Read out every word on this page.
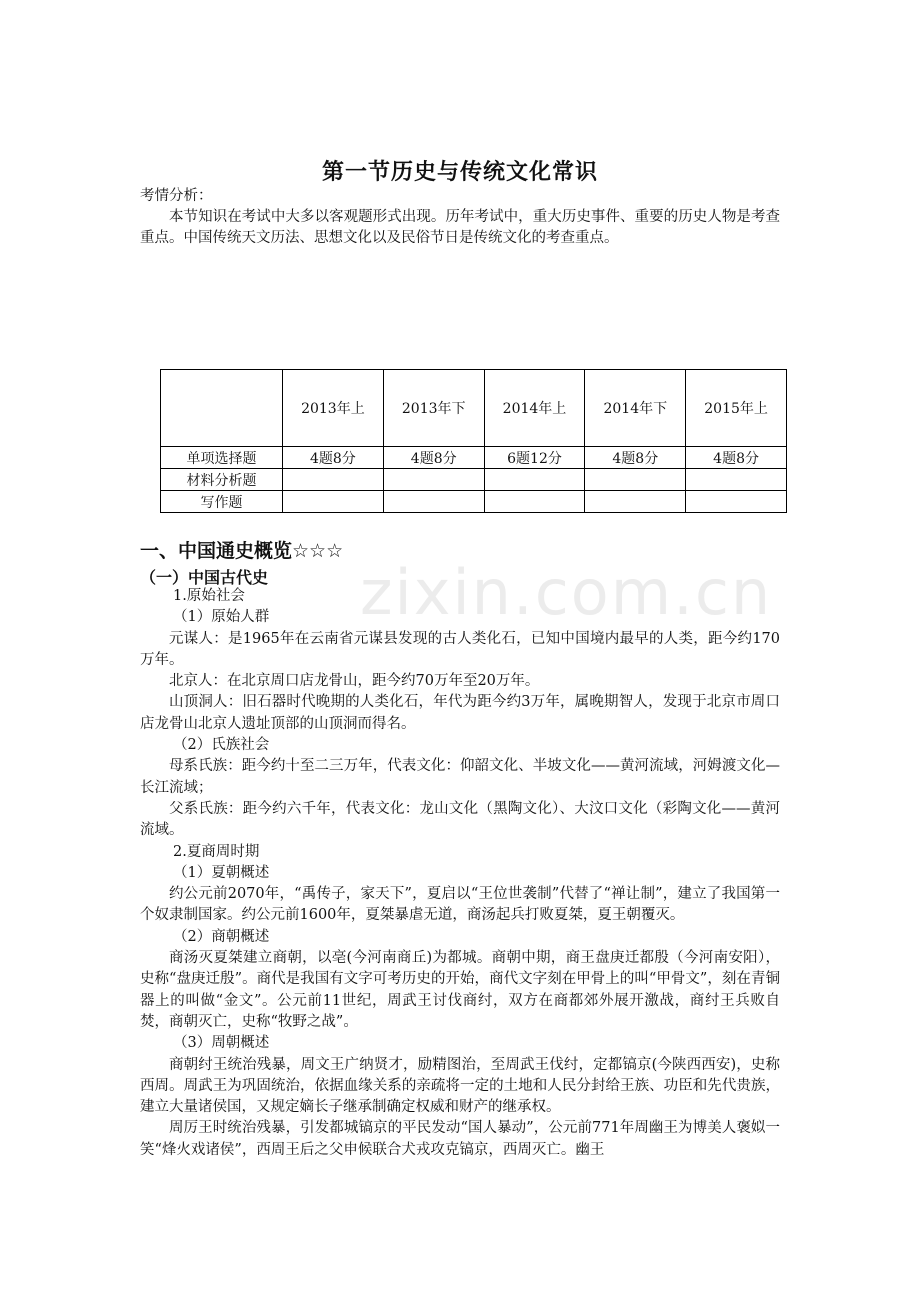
第一节历史与传统文化常识

考情分析：

本节知识在考试中大多以客观题形式出现。历年考试中，重大历史事件、重要的历史人物是考查重点。中国传统天文历法、思想文化以及民俗节日是传统文化的考查重点。

	2013年上	2013年下	2014年上	2014年下	2015年上
单项选择题	4题8分	4题8分	6题12分	4题8分	4题8分
材料分析题					
写作题					
zixin.com.cn
一、中国通史概览☆☆☆
（一）中国古代史

1.原始社会

（1）原始人群

元谋人：是1965年在云南省元谋县发现的古人类化石，已知中国境内最早的人类，距今约170万年。

北京人：在北京周口店龙骨山，距今约70万年至20万年。

山顶洞人：旧石器时代晚期的人类化石，年代为距今约3万年，属晚期智人，发现于北京市周口店龙骨山北京人遗址顶部的山顶洞而得名。

（2）氏族社会

母系氏族：距今约十至二三万年，代表文化：仰韶文化、半坡文化——黄河流域，河姆渡文化—长江流域；

父系氏族：距今约六千年，代表文化：龙山文化（黑陶文化）、大汶口文化（彩陶文化——黄河流域。

2.夏商周时期

（1）夏朝概述

约公元前2070年，“禹传子，家天下”，夏启以“王位世袭制”代替了“禅让制”，建立了我国第一个奴隶制国家。约公元前1600年，夏桀暴虐无道，商汤起兵打败夏桀，夏王朝覆灭。

（2）商朝概述

商汤灭夏桀建立商朝，以亳(今河南商丘)为都城。商朝中期，商王盘庚迁都殷（今河南安阳），史称“盘庚迁殷”。商代是我国有文字可考历史的开始，商代文字刻在甲骨上的叫“甲骨文”，刻在青铜器上的叫做“金文”。公元前11世纪，周武王讨伐商纣，双方在商都郊外展开激战，商纣王兵败自焚，商朝灭亡，史称“牧野之战”。

（3）周朝概述

商朝纣王统治残暴，周文王广纳贤才，励精图治，至周武王伐纣，定都镐京(今陕西西安)，史称西周。周武王为巩固统治，依据血缘关系的亲疏将一定的土地和人民分封给王族、功臣和先代贵族，建立大量诸侯国，又规定嫡长子继承制确定权威和财产的继承权。

周厉王时统治残暴，引发都城镐京的平民发动“国人暴动”，公元前771年周幽王为博美人褒姒一笑“烽火戏诸侯”，西周王后之父申候联合犬戎攻克镐京，西周灭亡。幽王
